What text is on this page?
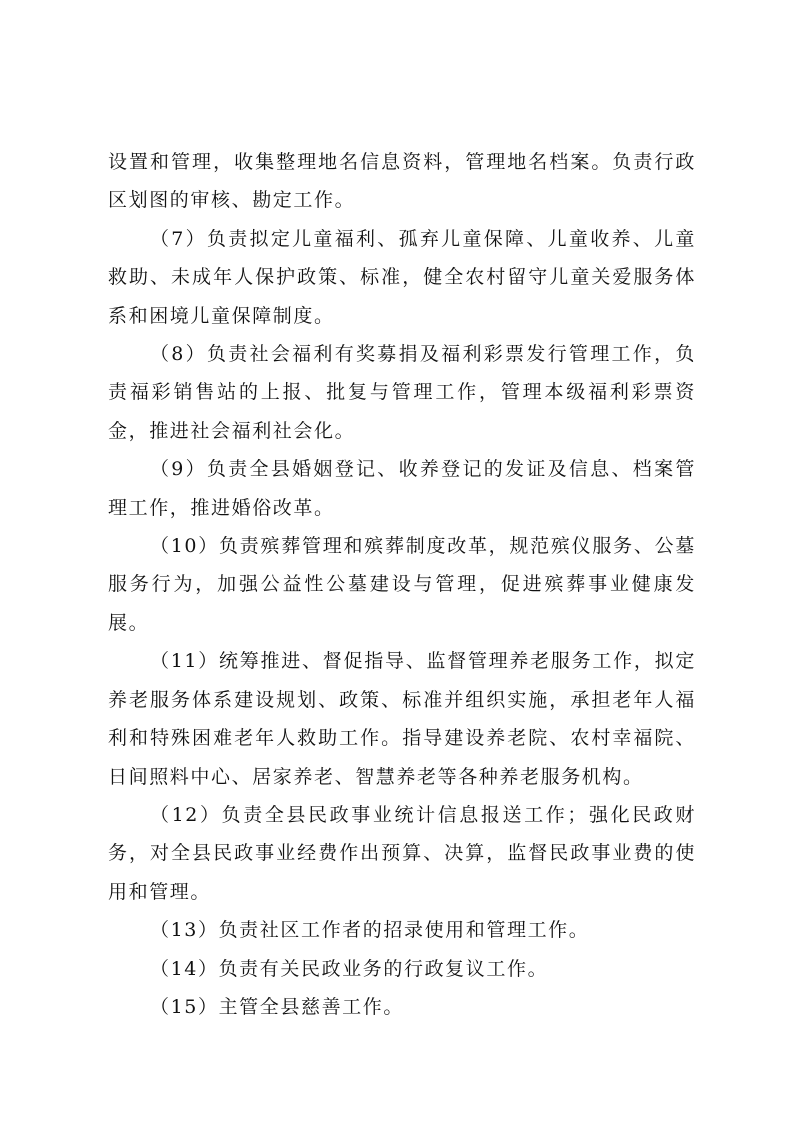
设置和管理，收集整理地名信息资料，管理地名档案。负责行政区划图的审核、勘定工作。

（7）负责拟定儿童福利、孤弃儿童保障、儿童收养、儿童救助、未成年人保护政策、标准，健全农村留守儿童关爱服务体系和困境儿童保障制度。

（8）负责社会福利有奖募捐及福利彩票发行管理工作，负责福彩销售站的上报、批复与管理工作，管理本级福利彩票资金，推进社会福利社会化。

（9）负责全县婚姻登记、收养登记的发证及信息、档案管理工作，推进婚俗改革。

（10）负责殡葬管理和殡葬制度改革，规范殡仪服务、公墓服务行为，加强公益性公墓建设与管理，促进殡葬事业健康发展。

（11）统筹推进、督促指导、监督管理养老服务工作，拟定养老服务体系建设规划、政策、标准并组织实施，承担老年人福利和特殊困难老年人救助工作。指导建设养老院、农村幸福院、日间照料中心、居家养老、智慧养老等各种养老服务机构。

（12）负责全县民政事业统计信息报送工作；强化民政财务，对全县民政事业经费作出预算、决算，监督民政事业费的使用和管理。

（13）负责社区工作者的招录使用和管理工作。

（14）负责有关民政业务的行政复议工作。

（15）主管全县慈善工作。
